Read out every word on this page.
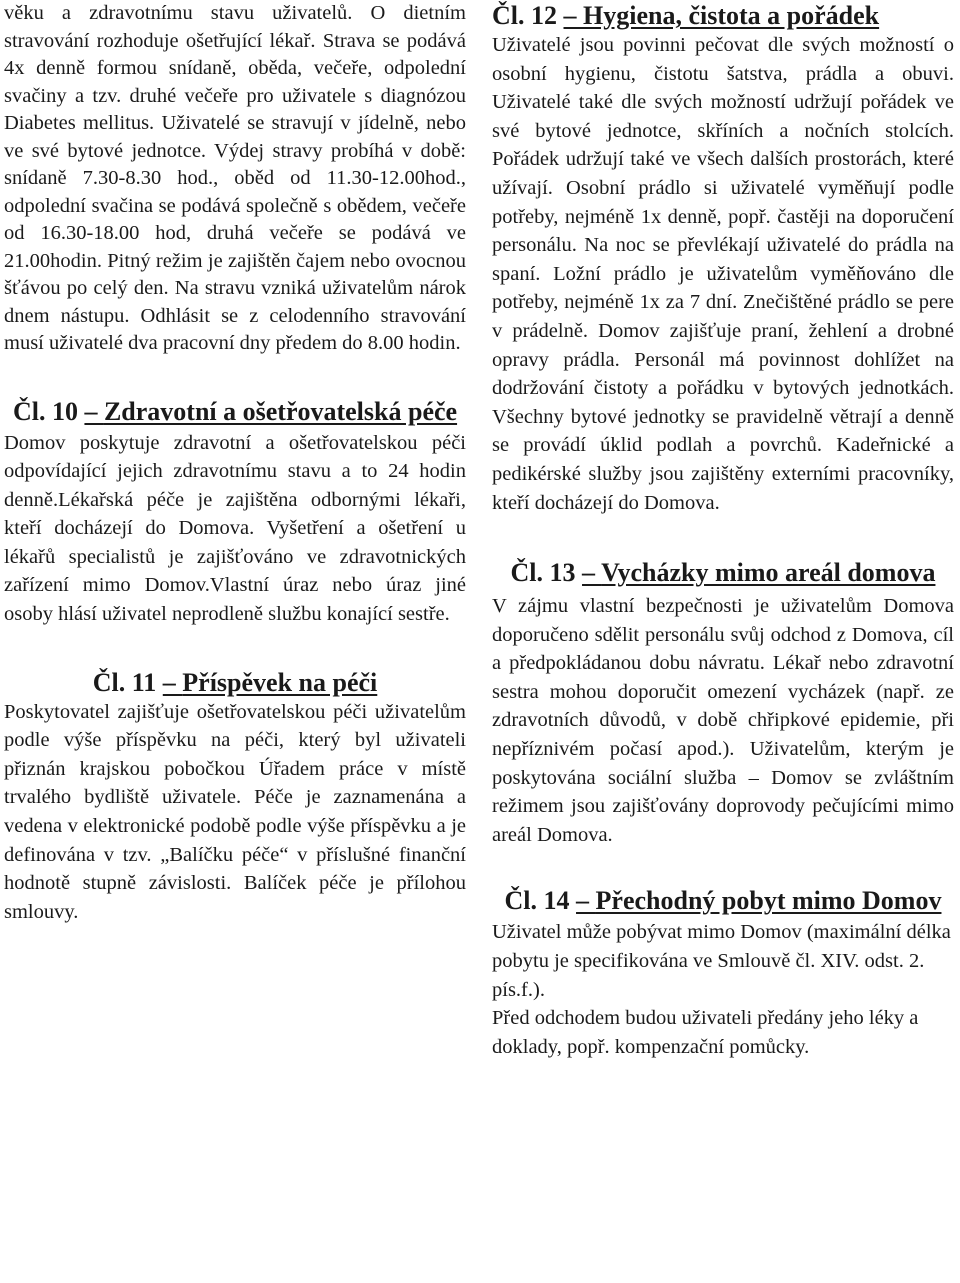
věku a zdravotnímu stavu uživatelů. O dietním stravování rozhoduje ošetřující lékař. Strava se podává 4x denně formou snídaně, oběda, večeře, odpolední svačiny a tzv. druhé večeře pro uživatele s diagnózou Diabetes mellitus. Uživatelé se stravují v jídelně, nebo ve své bytové jednotce. Výdej stravy probíhá v době: snídaně 7.30-8.30 hod., oběd od 11.30-12.00hod., odpolední svačina se podává společně s obědem, večeře od 16.30-18.00 hod, druhá večeře se podává ve 21.00hodin. Pitný režim je zajištěn čajem nebo ovocnou šťávou po celý den. Na stravu vzniká uživatelům nárok dnem nástupu. Odhlásit se z celodenního stravování musí uživatelé dva pracovní dny předem do 8.00 hodin.

Čl. 10 – Zdravotní a ošetřovatelská péče

Domov poskytuje zdravotní a ošetřovatelskou péči odpovídající jejich zdravotnímu stavu a to 24 hodin denně.Lékařská péče je zajištěna odbornými lékaři, kteří docházejí do Domova. Vyšetření a ošetření u lékařů specialistů je zajišťováno ve zdravotnických zařízení mimo Domov.Vlastní úraz nebo úraz jiné osoby hlásí uživatel neprodleně službu konající sestře.

Čl. 11 – Příspěvek na péči

Poskytovatel zajišťuje ošetřovatelskou péči uživatelům podle výše příspěvku na péči, který byl uživateli přiznán krajskou pobočkou Úřadem práce v místě trvalého bydliště uživatele. Péče je zaznamenána a vedena v elektronické podobě podle výše příspěvku a je definována v tzv. „Balíčku péče“ v příslušné finanční hodnotě stupně závislosti. Balíček péče je přílohou smlouvy.

Čl. 12 – Hygiena, čistota a pořádek

Uživatelé jsou povinni pečovat dle svých možností o osobní hygienu, čistotu šatstva, prádla a obuvi. Uživatelé také dle svých možností udržují pořádek ve své bytové jednotce, skříních a nočních stolcích. Pořádek udržují také ve všech dalších prostorách, které užívají. Osobní prádlo si uživatelé vyměňují podle potřeby, nejméně 1x denně, popř. častěji na doporučení personálu. Na noc se převlékají uživatelé do prádla na spaní. Ložní prádlo je uživatelům vyměňováno dle potřeby, nejméně 1x za 7 dní. Znečištěné prádlo se pere v prádelně. Domov zajišťuje praní, žehlení a drobné opravy prádla. Personál má povinnost dohlížet na dodržování čistoty a pořádku v bytových jednotkách. Všechny bytové jednotky se pravidelně větrají a denně se provádí úklid podlah a povrchů. Kadeřnické a pedikérské služby jsou zajištěny externími pracovníky, kteří docházejí do Domova.

Čl. 13 – Vycházky mimo areál domova

V zájmu vlastní bezpečnosti je uživatelům Domova doporučeno sdělit personálu svůj odchod z Domova, cíl a předpokládanou dobu návratu. Lékař nebo zdravotní sestra mohou doporučit omezení vycházek (např. ze zdravotních důvodů, v době chřipkové epidemie, při nepříznivém počasí apod.). Uživatelům, kterým je poskytována sociální služba – Domov se zvláštním režimem jsou zajišťovány doprovody pečujícími mimo areál Domova.

Čl. 14 – Přechodný pobyt mimo Domov

Uživatel může pobývat mimo Domov (maximální délka pobytu je specifikována ve Smlouvě čl. XIV. odst. 2. pís.f.).

Před odchodem budou uživateli předány jeho léky a doklady, popř. kompenzační pomůcky.
